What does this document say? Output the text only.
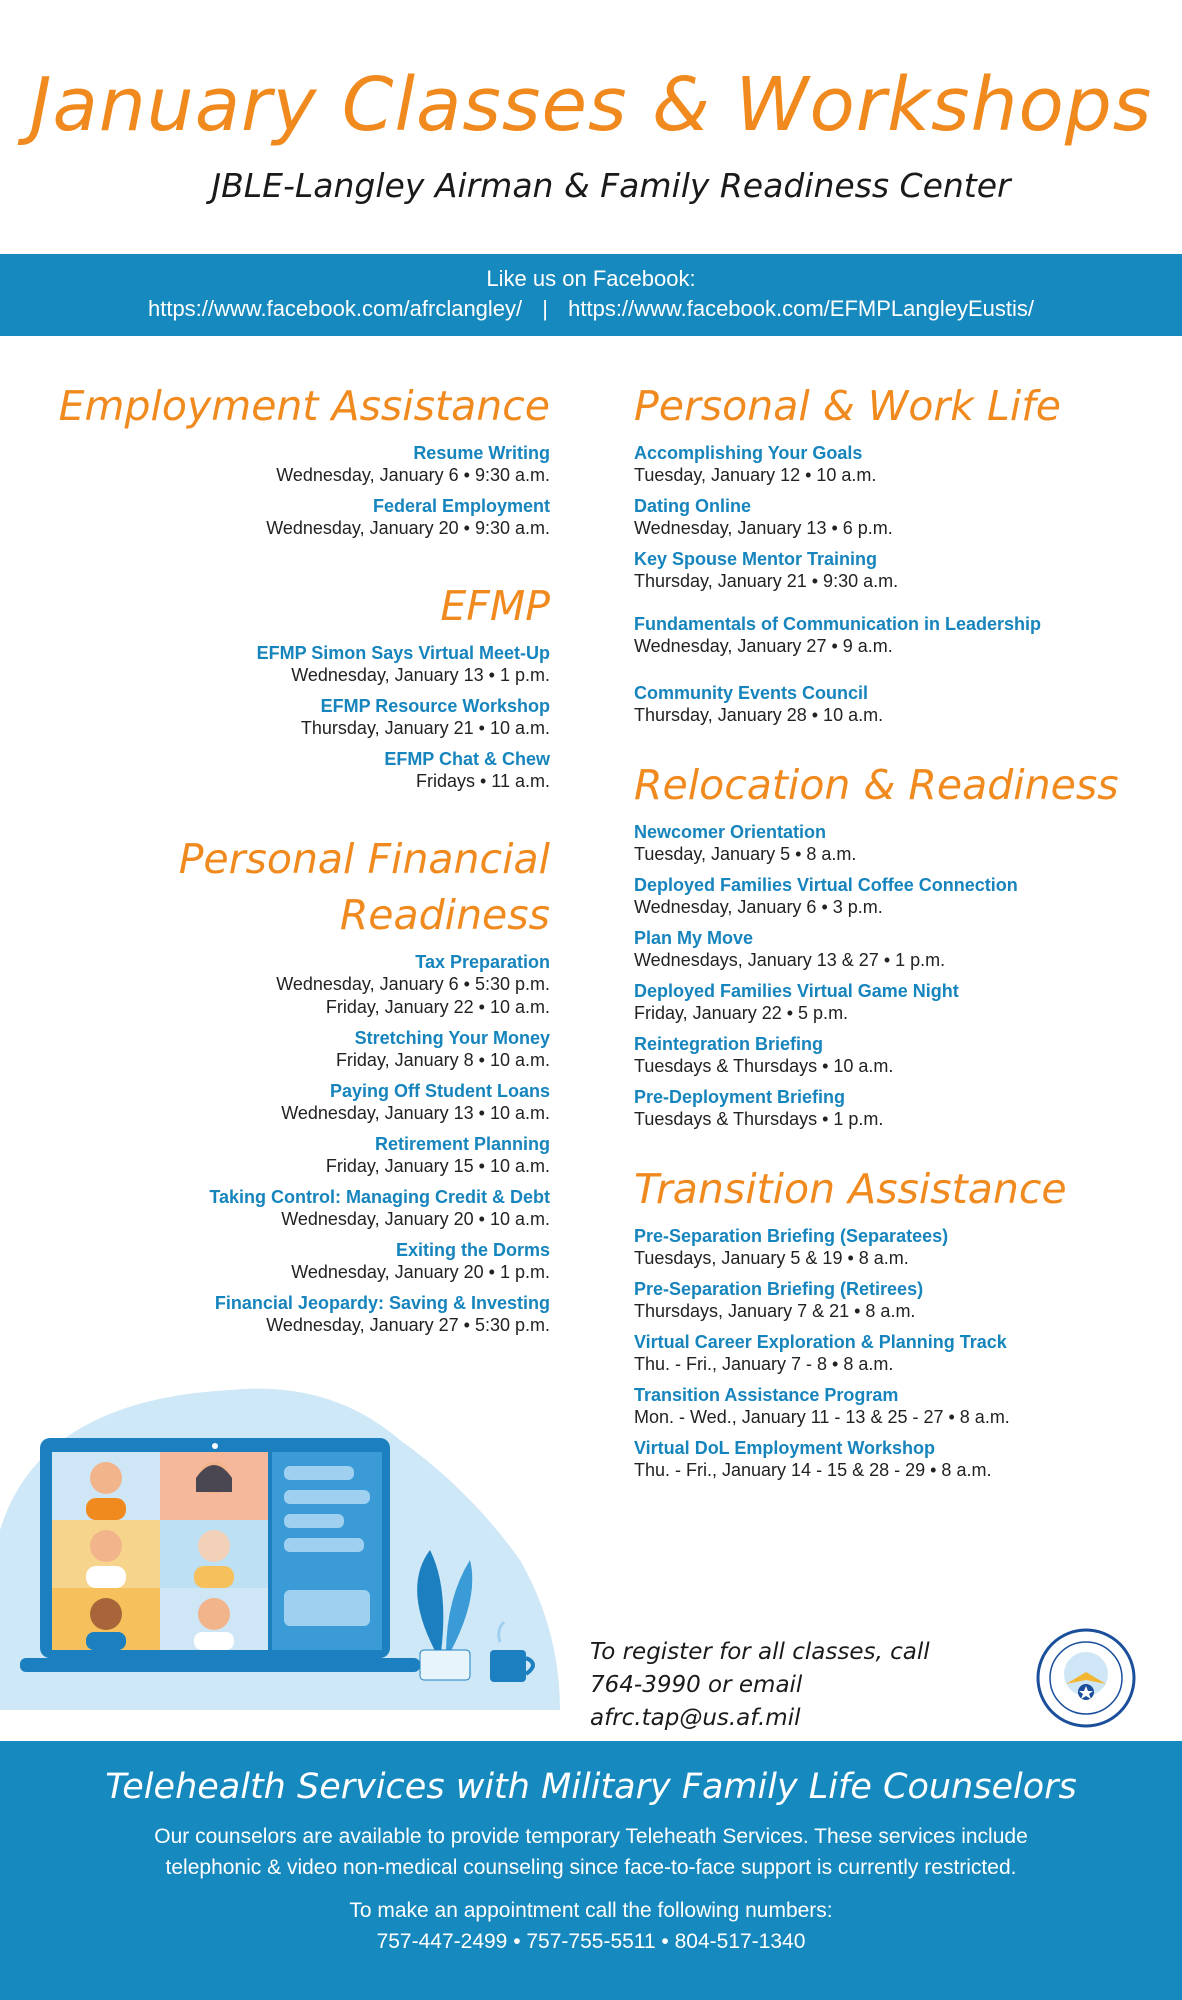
January Classes & Workshops
JBLE-Langley Airman & Family Readiness Center
Like us on Facebook:
https://www.facebook.com/afrclangley/ | https://www.facebook.com/EFMPLangleyEustis/
Employment Assistance
Resume Writing
Wednesday, January 6 • 9:30 a.m.
Federal Employment
Wednesday, January 20 • 9:30 a.m.
EFMP
EFMP Simon Says Virtual Meet-Up
Wednesday, January 13 • 1 p.m.
EFMP Resource Workshop
Thursday, January 21 • 10 a.m.
EFMP Chat & Chew
Fridays • 11 a.m.
Personal Financial Readiness
Tax Preparation
Wednesday, January 6 • 5:30 p.m.
Friday, January 22 • 10 a.m.
Stretching Your Money
Friday, January 8 • 10 a.m.
Paying Off Student Loans
Wednesday, January 13 • 10 a.m.
Retirement Planning
Friday, January 15 • 10 a.m.
Taking Control: Managing Credit & Debt
Wednesday, January 20 • 10 a.m.
Exiting the Dorms
Wednesday, January 20 • 1 p.m.
Financial Jeopardy: Saving & Investing
Wednesday, January 27 • 5:30 p.m.
Personal & Work Life
Accomplishing Your Goals
Tuesday, January 12 • 10 a.m.
Dating Online
Wednesday, January 13 • 6 p.m.
Key Spouse Mentor Training
Thursday, January 21 • 9:30 a.m.
Fundamentals of Communication in Leadership
Wednesday, January 27 • 9 a.m.
Community Events Council
Thursday, January 28 • 10 a.m.
Relocation & Readiness
Newcomer Orientation
Tuesday, January 5 • 8 a.m.
Deployed Families Virtual Coffee Connection
Wednesday, January 6 • 3 p.m.
Plan My Move
Wednesdays, January 13 & 27 • 1 p.m.
Deployed Families Virtual Game Night
Friday, January 22 • 5 p.m.
Reintegration Briefing
Tuesdays & Thursdays • 10 a.m.
Pre-Deployment Briefing
Tuesdays & Thursdays • 1 p.m.
Transition Assistance
Pre-Separation Briefing (Separatees)
Tuesdays, January 5 & 19 • 8 a.m.
Pre-Separation Briefing (Retirees)
Thursdays, January 7 & 21 • 8 a.m.
Virtual Career Exploration & Planning Track
Thu. - Fri., January 7 - 8 • 8 a.m.
Transition Assistance Program
Mon. - Wed., January 11 - 13 & 25 - 27 • 8 a.m.
Virtual DoL Employment Workshop
Thu. - Fri., January 14 - 15 & 28 - 29 • 8 a.m.
To register for all classes, call
764-3990 or email afrc.tap@us.af.mil
Telehealth Services with Military Family Life Counselors
Our counselors are available to provide temporary Teleheath Services. These services include
telephonic & video non-medical counseling since face-to-face support is currently restricted.
To make an appointment call the following numbers:
757-447-2499 • 757-755-5511 • 804-517-1340
